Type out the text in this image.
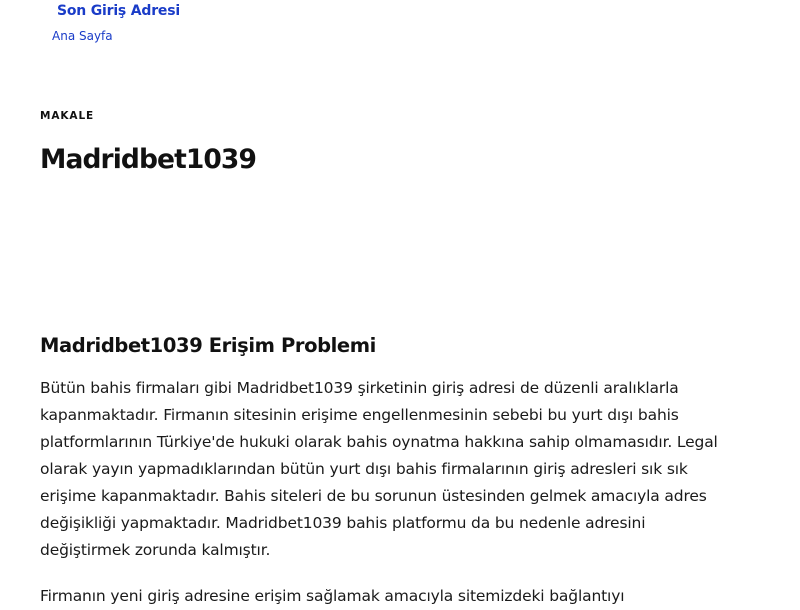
Son Giriş Adresi
Ana Sayfa
MAKALE
Madridbet1039
Madridbet1039 Erişim Problemi

Bütün bahis firmaları gibi Madridbet1039 şirketinin giriş adresi de düzenli aralıklarla
kapanmaktadır. Firmanın sitesinin erişime engellenmesinin sebebi bu yurt dışı bahis
platformlarının Türkiye'de hukuki olarak bahis oynatma hakkına sahip olmamasıdır. Legal
olarak yayın yapmadıklarından bütün yurt dışı bahis firmalarının giriş adresleri sık sık
erişime kapanmaktadır. Bahis siteleri de bu sorunun üstesinden gelmek amacıyla adres
değişikliği yapmaktadır. Madridbet1039 bahis platformu da bu nedenle adresini
değiştirmek zorunda kalmıştır.

Firmanın yeni giriş adresine erişim sağlamak amacıyla sitemizdeki bağlantıyı
